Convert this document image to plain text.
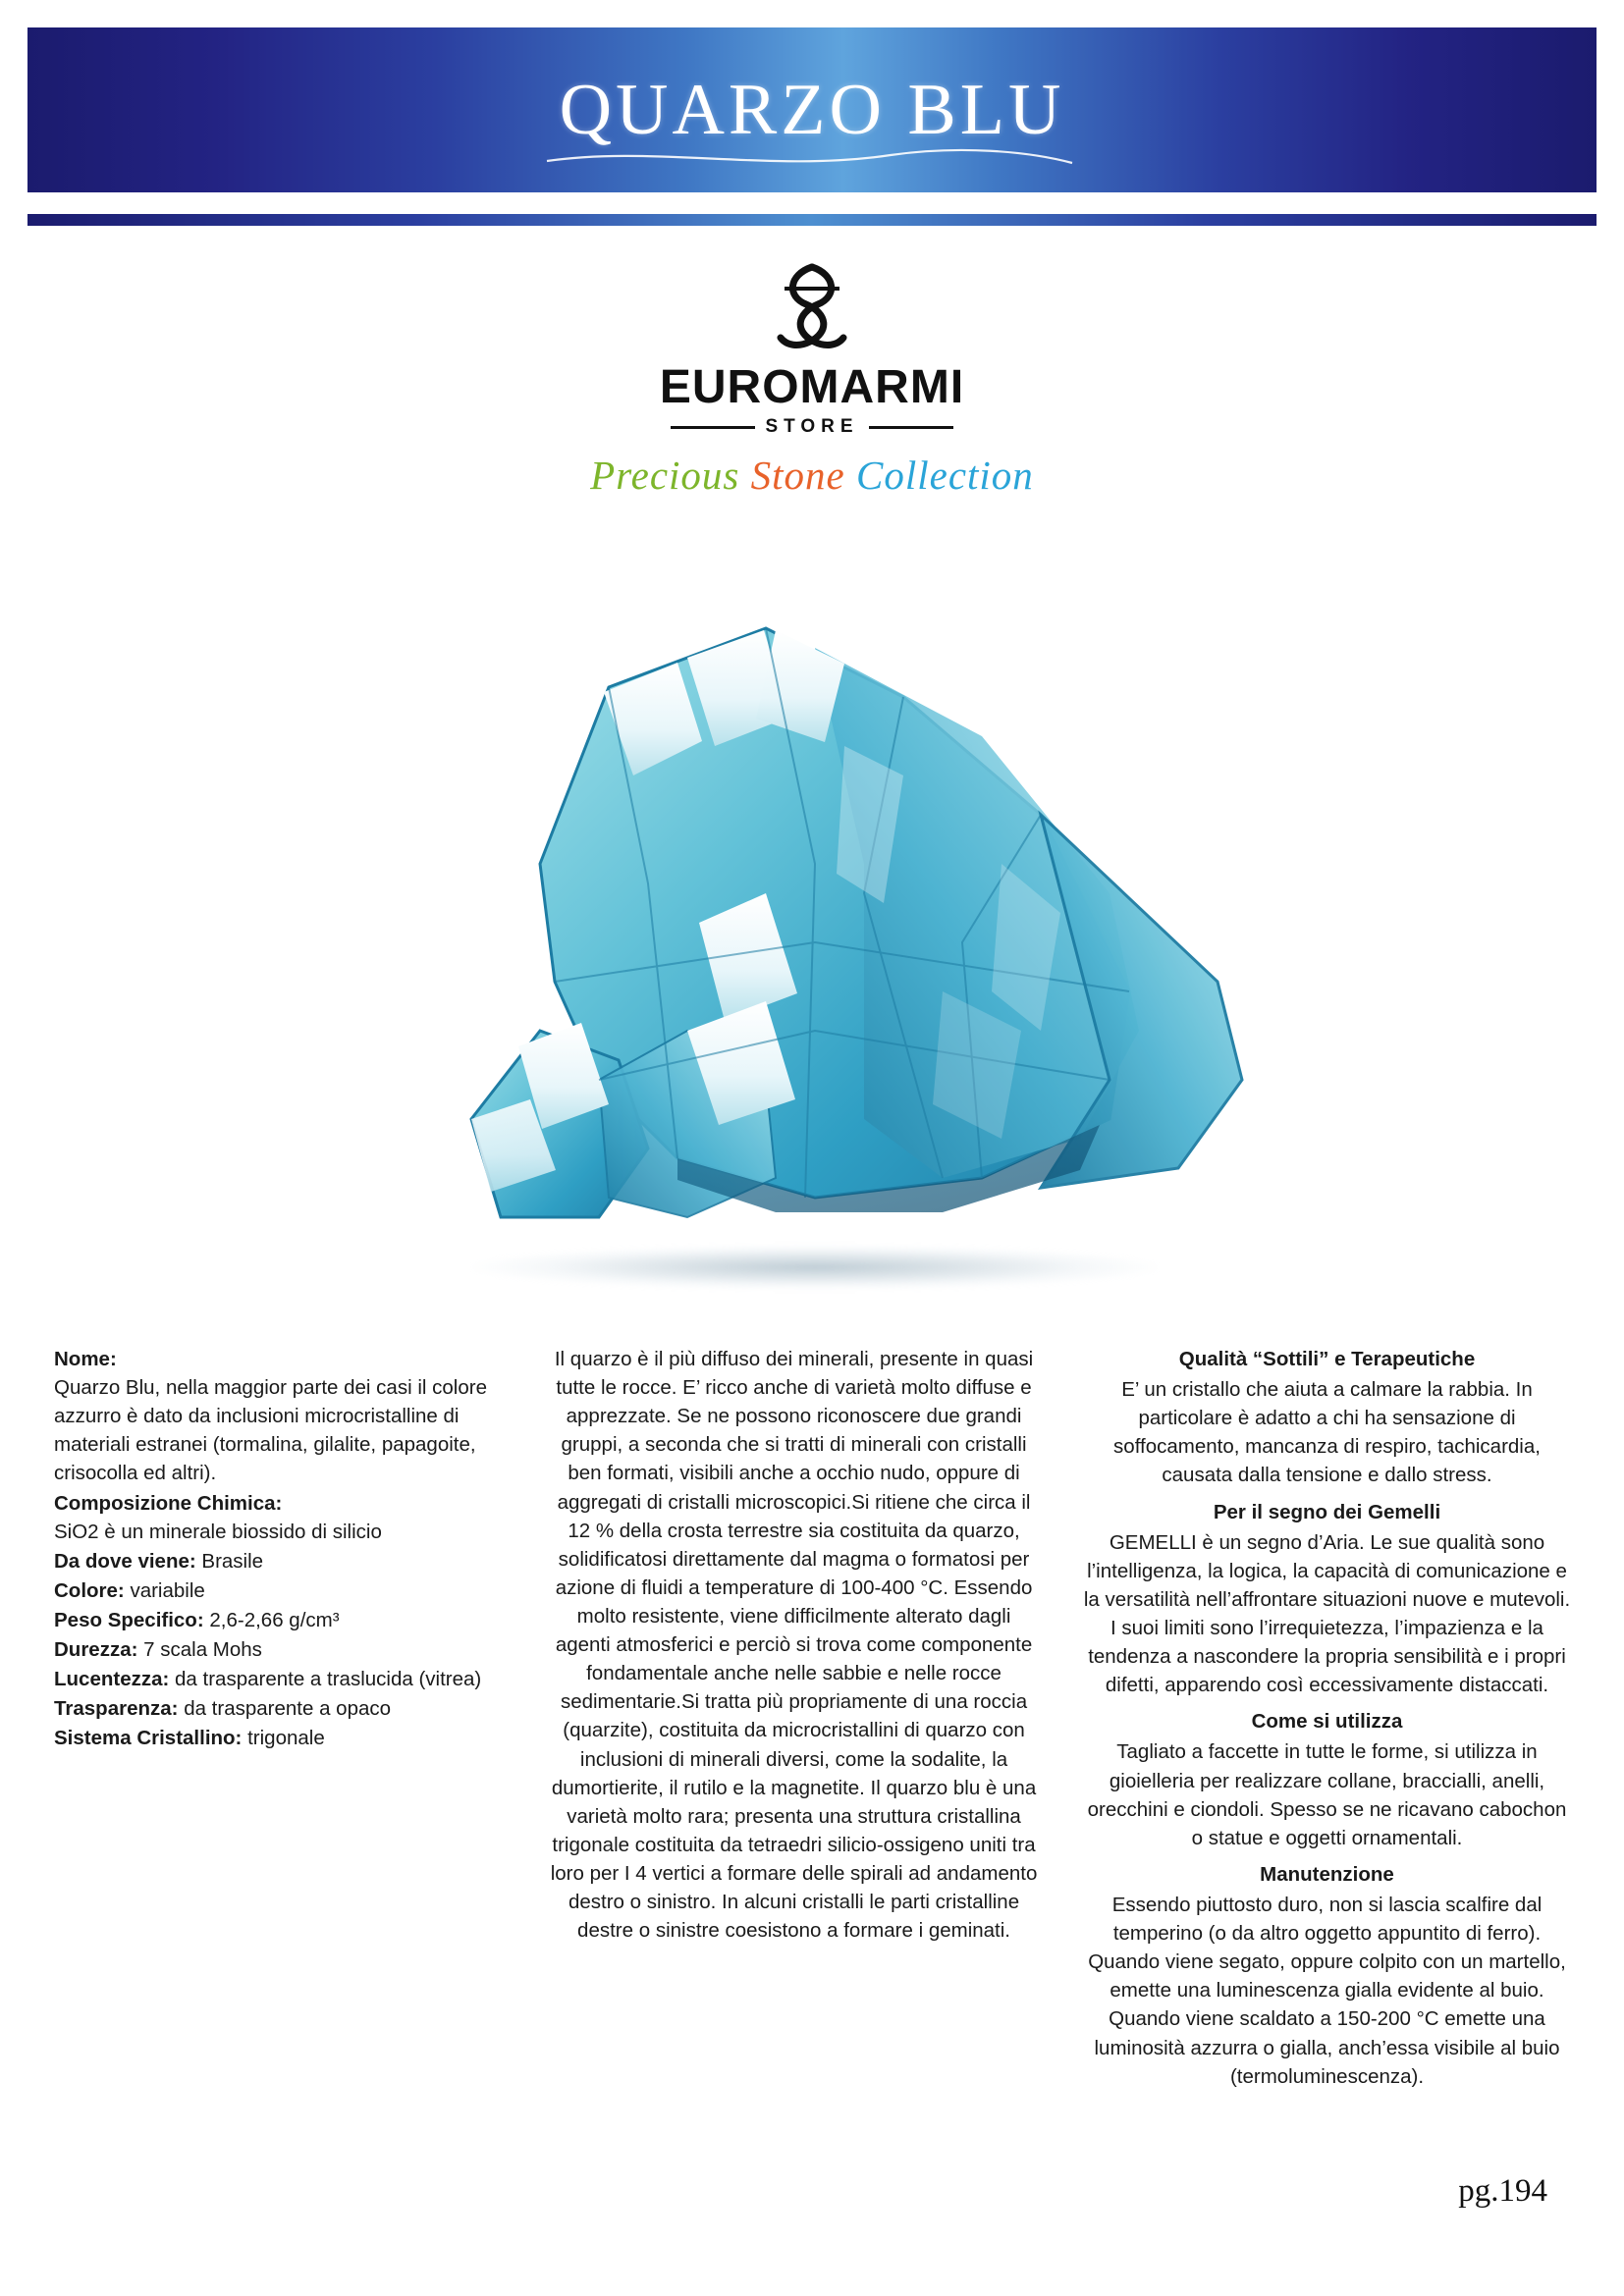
QUARZO BLU
EUROMARMI
STORE
Precious Stone Collection
Nome:
Quarzo Blu, nella maggior parte dei casi il colore azzurro è dato da inclusioni microcristalline di materiali estranei (tormalina, gilalite, papagoite, crisocolla ed altri).
Composizione Chimica:
SiO2 è un minerale biossido di silicio
Da dove viene: Brasile
Colore: variabile
Peso Specifico: 2,6-2,66 g/cm³
Durezza: 7 scala Mohs
Lucentezza: da trasparente a traslucida (vitrea)
Trasparenza: da trasparente a opaco
Sistema Cristallino: trigonale

Il quarzo è il più diffuso dei minerali, presente in quasi tutte le rocce. E’ ricco anche di varietà molto diffuse e apprezzate. Se ne possono riconoscere due grandi gruppi, a seconda che si tratti di minerali con cristalli ben formati, visibili anche a occhio nudo, oppure di aggregati di cristalli microscopici.Si ritiene che circa il 12 % della crosta terrestre sia costituita da quarzo, solidificatosi direttamente dal magma o formatosi per azione di fluidi a temperature di 100-400 °C. Essendo molto resistente, viene difficilmente alterato dagli agenti atmosferici e perciò si trova come componente fondamentale anche nelle sabbie e nelle rocce sedimentarie.Si tratta più propriamente di una roccia (quarzite), costituita da microcristallini di quarzo con inclusioni di minerali diversi, come la sodalite, la dumortierite, il rutilo e la magnetite. Il quarzo blu è una varietà molto rara; presenta una struttura cristallina trigonale costituita da tetraedri silicio-ossigeno uniti tra loro per I 4 vertici a formare delle spirali ad andamento destro o sinistro. In alcuni cristalli le parti cristalline destre o sinistre coesistono a formare i geminati.

Qualità “Sottili” e Terapeutiche

E’ un cristallo che aiuta a calmare la rabbia. In particolare è adatto a chi ha sensazione di soffocamento, mancanza di respiro, tachicardia, causata dalla tensione e dallo stress.

Per il segno dei Gemelli

GEMELLI è un segno d’Aria. Le sue qualità sono l’intelligenza, la logica, la capacità di comunicazione e la versatilità nell’affrontare situazioni nuove e mutevoli. I suoi limiti sono l’irrequietezza, l’impazienza e la tendenza a nascondere la propria sensibilità e i propri difetti, apparendo così eccessivamente distaccati.

Come si utilizza

Tagliato a faccette in tutte le forme, si utilizza in gioielleria per realizzare collane, braccialli, anelli, orecchini e ciondoli. Spesso se ne ricavano cabochon o statue e oggetti ornamentali.

Manutenzione

Essendo piuttosto duro, non si lascia scalfire dal temperino (o da altro oggetto appuntito di ferro). Quando viene segato, oppure colpito con un martello, emette una luminescenza gialla evidente al buio. Quando viene scaldato a 150-200 °C emette una luminosità azzurra o gialla, anch’essa visibile al buio (termoluminescenza).

pg.194
